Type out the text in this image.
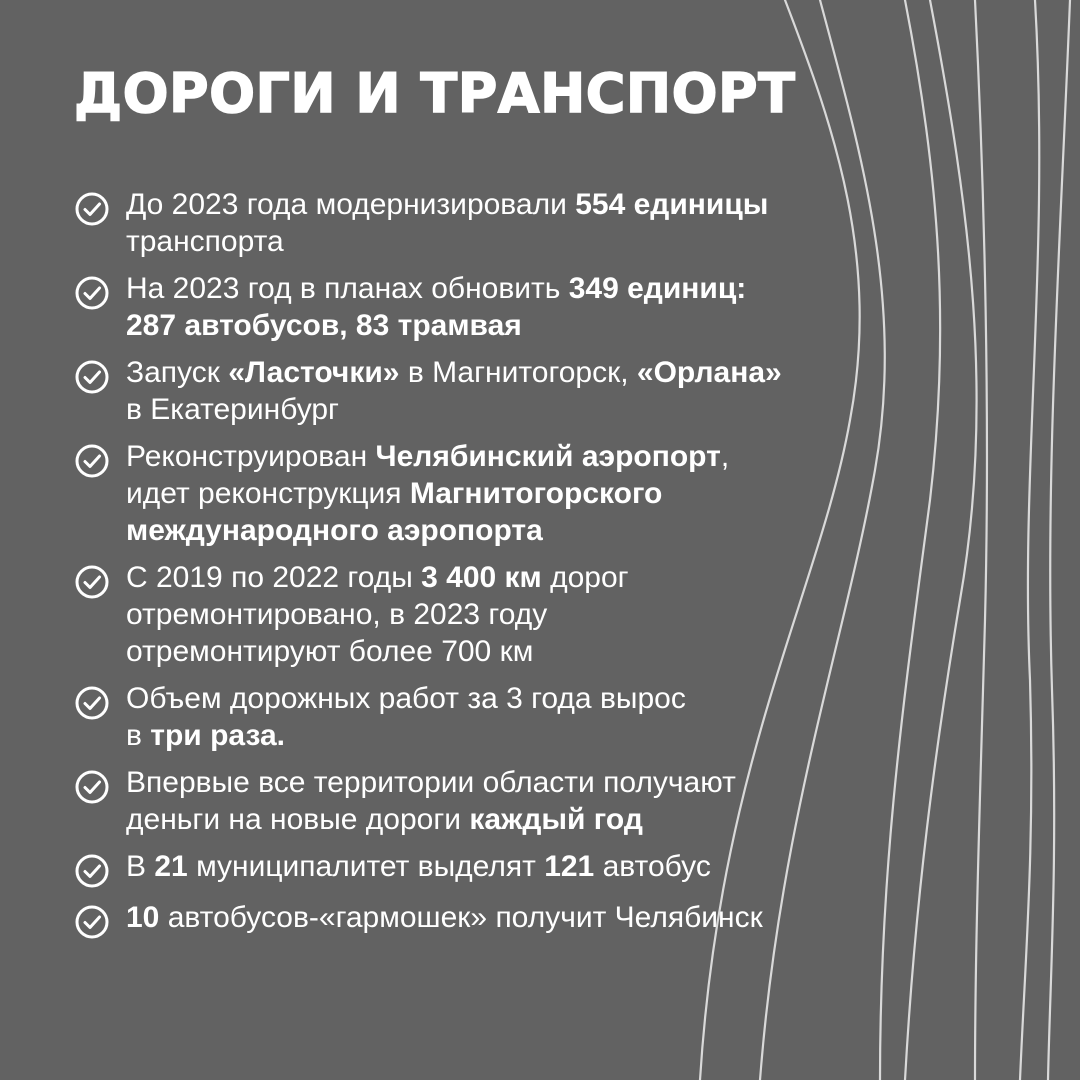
ДОРОГИ И ТРАНСПОРТ
До 2023 года модернизировали 554 единицы
транспорта
На 2023 год в планах обновить 349 единиц:
287 автобусов, 83 трамвая
Запуск «Ласточки» в Магнитогорск, «Орлана»
в Екатеринбург
Реконструирован Челябинский аэропорт,
идет реконструкция Магнитогорского
международного аэропорта
С 2019 по 2022 годы 3 400 км дорог
отремонтировано, в 2023 году
отремонтируют более 700 км
Объем дорожных работ за 3 года вырос
в три раза.
Впервые все территории области получают
деньги на новые дороги каждый год
В 21 муниципалитет выделят 121 автобус
10 автобусов-«гармошек» получит Челябинск
